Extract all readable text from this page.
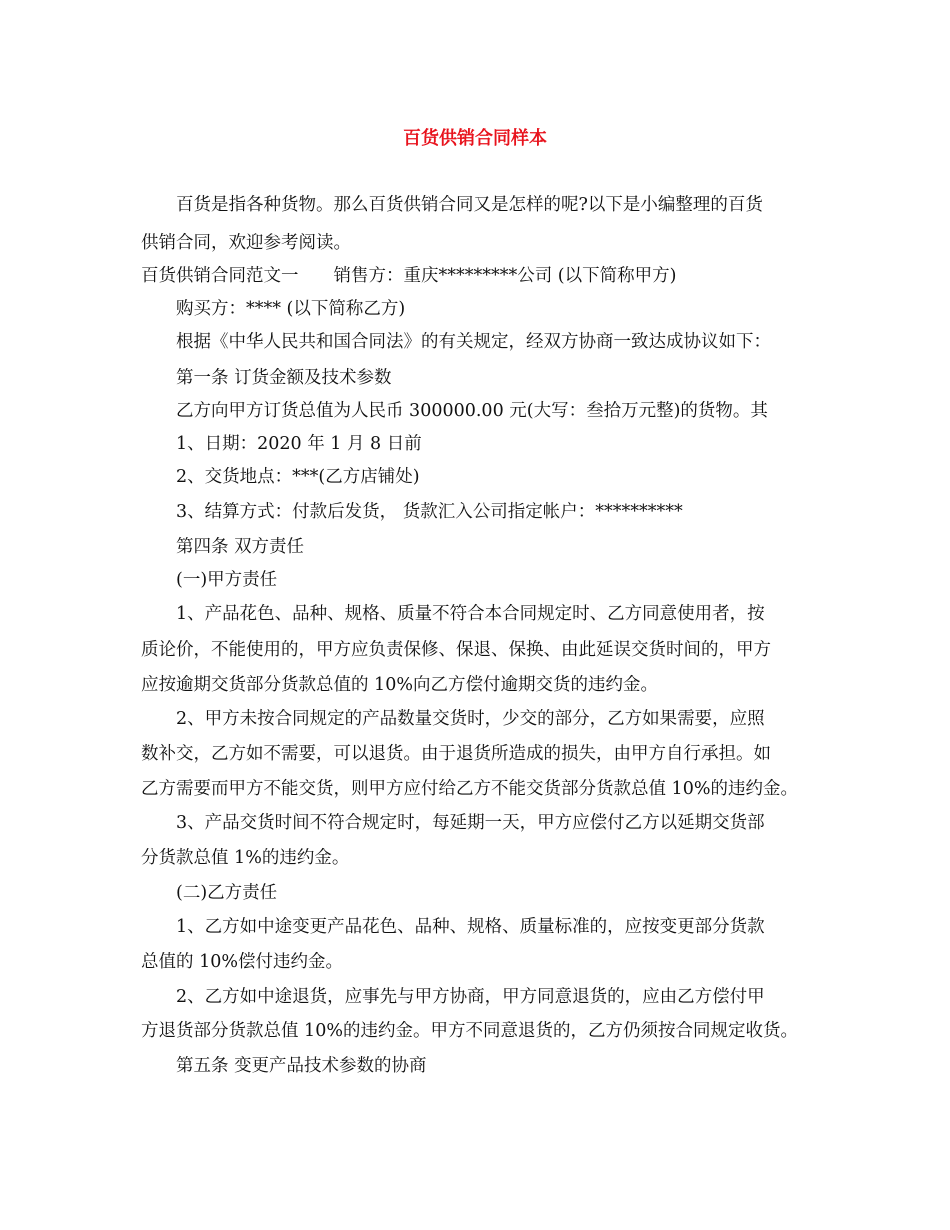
百货供销合同样本
百货是指各种货物。那么百货供销合同又是怎样的呢?以下是小编整理的百货
供销合同，欢迎参考阅读。
百货供销合同范文一　　销售方：重庆*********公司 (以下简称甲方)
购买方：**** (以下简称乙方)
根据《中华人民共和国合同法》的有关规定，经双方协商一致达成协议如下：
第一条 订货金额及技术参数
乙方向甲方订货总值为人民币 300000.00 元(大写：叁拾万元整)的货物。其
1、日期：2020 年 1 月 8 日前
2、交货地点：***(乙方店铺处)
3、结算方式：付款后发货， 货款汇入公司指定帐户：**********
第四条 双方责任
(一)甲方责任
1、产品花色、品种、规格、质量不符合本合同规定时、乙方同意使用者，按
质论价，不能使用的，甲方应负责保修、保退、保换、由此延误交货时间的，甲方
应按逾期交货部分货款总值的 10%向乙方偿付逾期交货的违约金。
2、甲方未按合同规定的产品数量交货时，少交的部分，乙方如果需要，应照
数补交，乙方如不需要，可以退货。由于退货所造成的损失，由甲方自行承担。如
乙方需要而甲方不能交货，则甲方应付给乙方不能交货部分货款总值 10%的违约金。
3、产品交货时间不符合规定时，每延期一天，甲方应偿付乙方以延期交货部
分货款总值 1%的违约金。
(二)乙方责任
1、乙方如中途变更产品花色、品种、规格、质量标准的，应按变更部分货款
总值的 10%偿付违约金。
2、乙方如中途退货，应事先与甲方协商，甲方同意退货的，应由乙方偿付甲
方退货部分货款总值 10%的违约金。甲方不同意退货的，乙方仍须按合同规定收货。
第五条 变更产品技术参数的协商
